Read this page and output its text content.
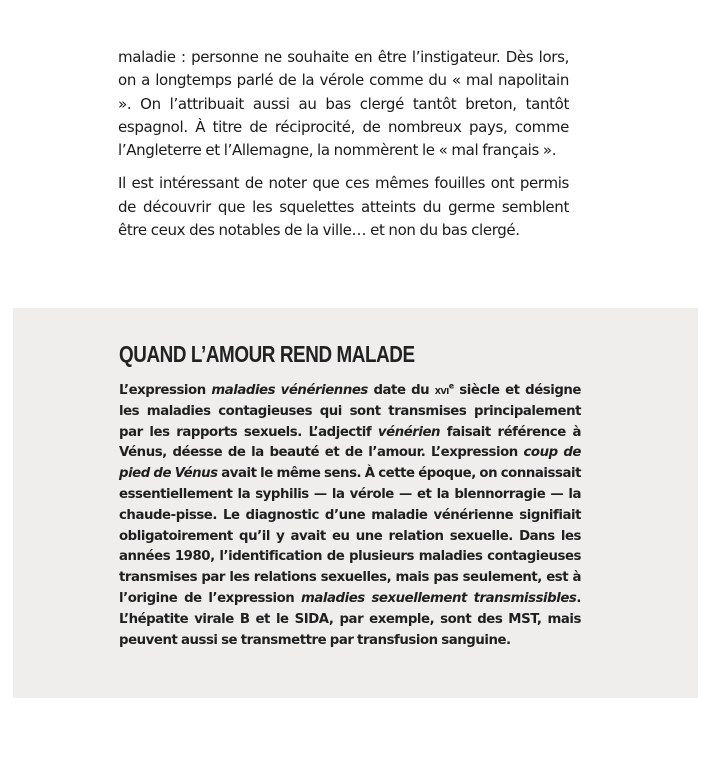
maladie : personne ne souhaite en être l’instigateur. Dès lors, on a longtemps parlé de la vérole comme du « mal napolitain ». On l’attribuait aussi au bas clergé tantôt breton, tantôt espagnol. À titre de réciprocité, de nombreux pays, comme l’Angleterre et l’Allemagne, la nommèrent le « mal français ».

Il est intéressant de noter que ces mêmes fouilles ont permis de découvrir que les squelettes atteints du germe semblent être ceux des notables de la ville… et non du bas clergé.

QUAND L’AMOUR REND MALADE

L’expression maladies vénériennes date du xvi$^e$ siècle et désigne les maladies contagieuses qui sont transmises principalement par les rapports sexuels. L’adjectif vénérien faisait référence à Vénus, déesse de la beauté et de l’amour. L’expression coup de pied de Vénus avait le même sens. À cette époque, on connaissait essentiellement la syphilis — la vérole — et la blennorragie — la chaude-pisse. Le diagnostic d’une maladie vénérienne signifiait obligatoirement qu’il y avait eu une relation sexuelle. Dans les années 1980, l’identification de plusieurs maladies contagieuses transmises par les relations sexuelles, mais pas seulement, est à l’origine de l’expression maladies sexuellement transmissibles. L’hépatite virale B et le SIDA, par exemple, sont des MST, mais peuvent aussi se transmettre par transfusion sanguine.
